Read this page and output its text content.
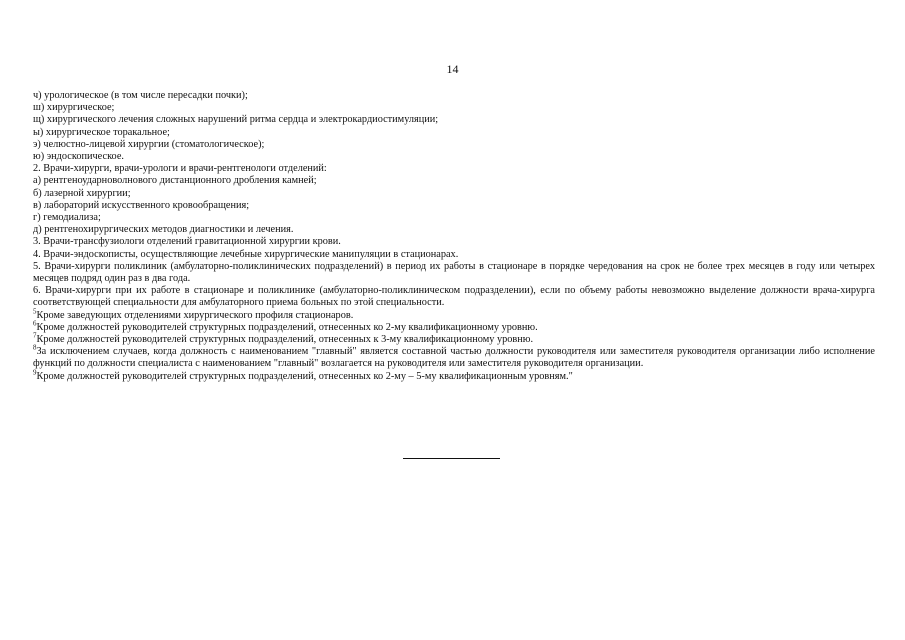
14
ч) урологическое (в том числе пересадки почки);
ш) хирургическое;
щ) хирургического лечения сложных нарушений ритма сердца и электрокардиостимуляции;
ы) хирургическое торакальное;
э) челюстно-лицевой хирургии (стоматологическое);
ю) эндоскопическое.
2. Врачи-хирурги, врачи-урологи и врачи-рентгенологи отделений:
а) рентгеноударноволнового дистанционного дробления камней;
б) лазерной хирургии;
в) лабораторий искусственного кровообращения;
г) гемодиализа;
д) рентгенохирургических методов диагностики и лечения.
3. Врачи-трансфузиологи отделений гравитационной хирургии крови.
4. Врачи-эндоскописты, осуществляющие лечебные хирургические манипуляции в стационарах.
5. Врачи-хирурги поликлиник (амбулаторно-поликлинических подразделений) в период их работы в стационаре в порядке чередования на срок не более трех месяцев в году или четырех месяцев подряд один раз в два года.
6. Врачи-хирурги при их работе в стационаре и поликлинике (амбулаторно-поликлиническом подразделении), если по объему работы невозможно выделение должности врача-хирурга соответствующей специальности для амбулаторного приема больных по этой специальности.
$^5$Кроме заведующих отделениями хирургического профиля стационаров.
$^6$Кроме должностей руководителей структурных подразделений, отнесенных ко 2-му квалификационному уровню.
$^7$Кроме должностей руководителей структурных подразделений, отнесенных к 3-му квалификационному уровню.
$^8$За исключением случаев, когда должность с наименованием "главный" является составной частью должности руководителя или заместителя руководителя организации либо исполнение функций по должности специалиста с наименованием "главный" возлагается на руководителя или заместителя руководителя организации.
$^9$Кроме должностей руководителей структурных подразделений, отнесенных ко 2-му – 5-му квалификационным уровням."
